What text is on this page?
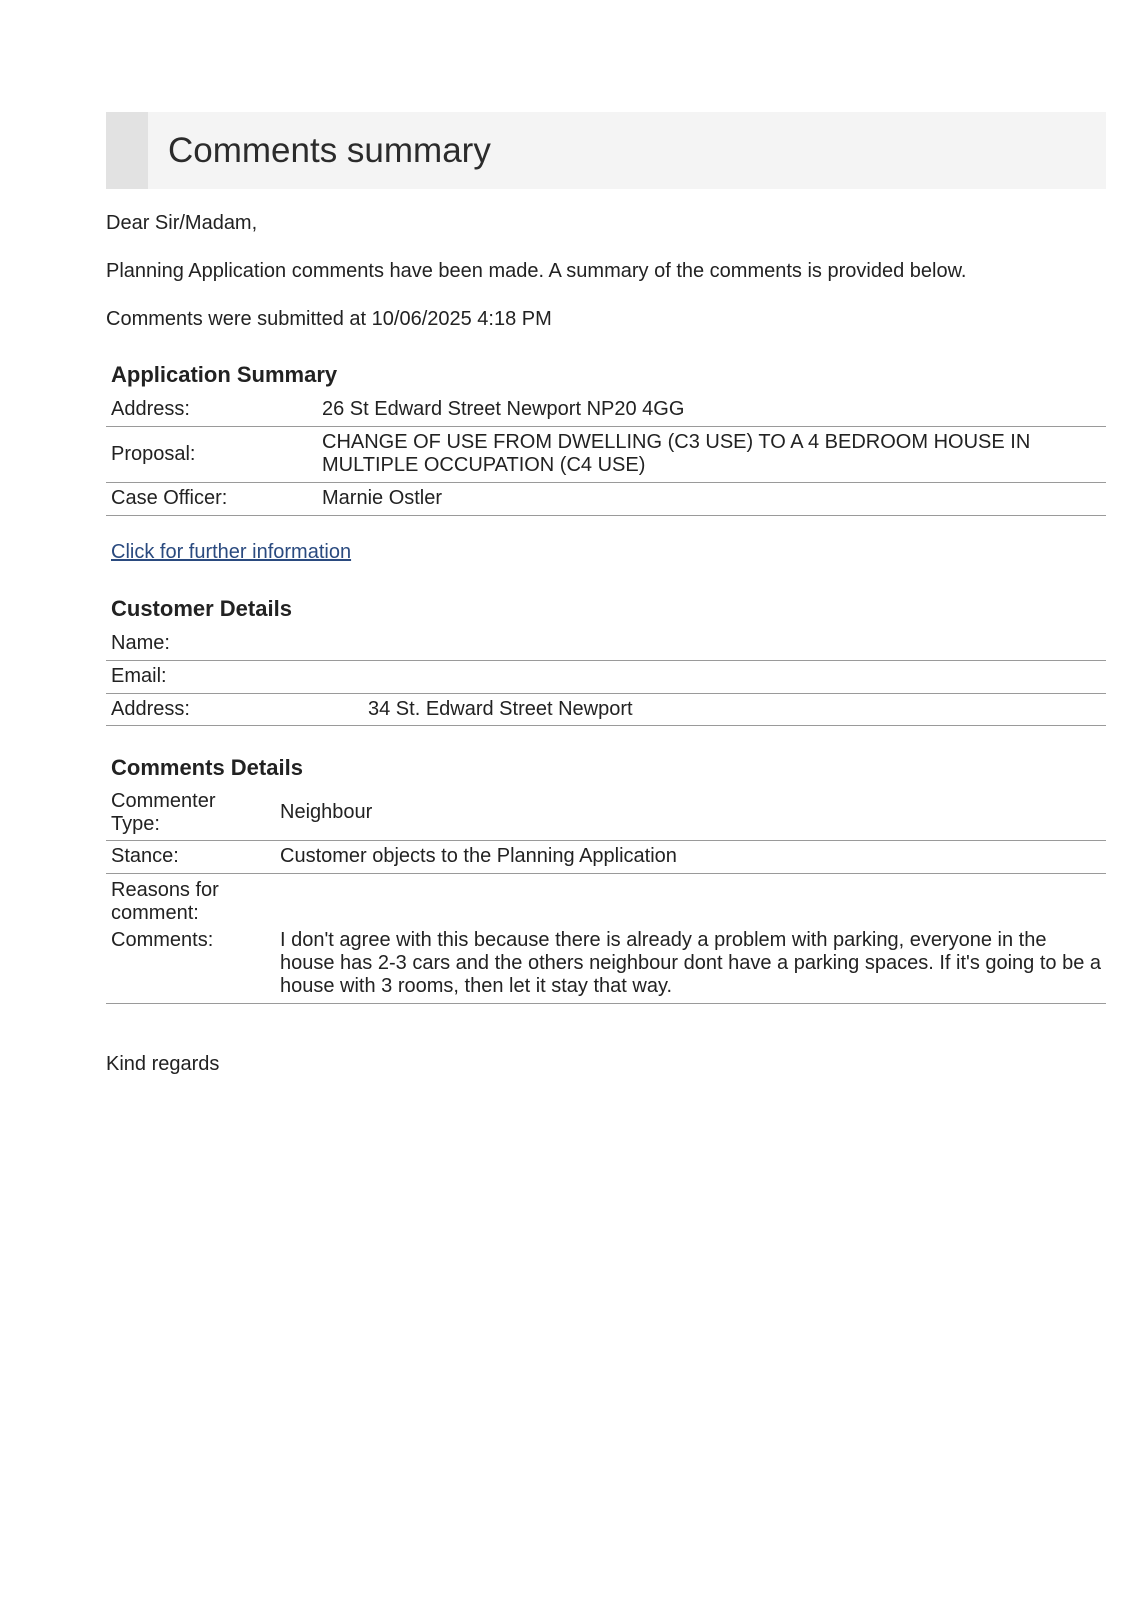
Comments summary
Dear Sir/Madam,
Planning Application comments have been made. A summary of the comments is provided below.
Comments were submitted at 10/06/2025 4:18 PM
Application Summary
Address:	26 St Edward Street Newport NP20 4GG
Proposal:	CHANGE OF USE FROM DWELLING (C3 USE) TO A 4 BEDROOM HOUSE IN MULTIPLE OCCUPATION (C4 USE)
Case Officer:	Marnie Ostler
Click for further information
Customer Details
Name:	
Email:	
Address:	34 St. Edward Street Newport
Comments Details
Commenter Type:	Neighbour
Stance:	Customer objects to the Planning Application
Reasons for comment:	
Comments:	I don't agree with this because there is already a problem with parking, everyone in the house has 2-3 cars and the others neighbour dont have a parking spaces. If it's going to be a house with 3 rooms, then let it stay that way.
Kind regards
